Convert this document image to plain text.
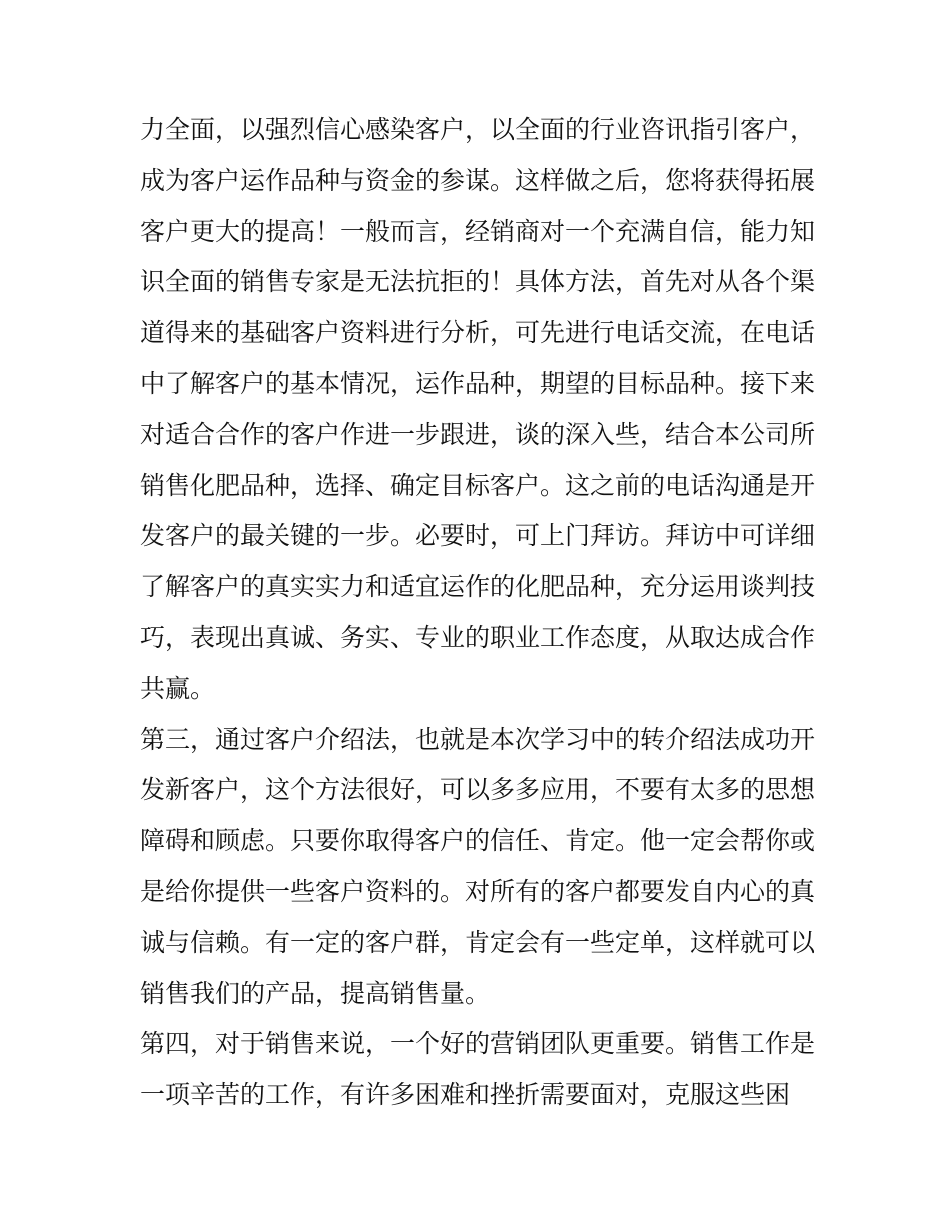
力全面，以强烈信心感染客户，以全面的行业咨讯指引客户，
成为客户运作品种与资金的参谋。这样做之后，您将获得拓展
客户更大的提高！一般而言，经销商对一个充满自信，能力知
识全面的销售专家是无法抗拒的！具体方法，首先对从各个渠
道得来的基础客户资料进行分析，可先进行电话交流，在电话
中了解客户的基本情况，运作品种，期望的目标品种。接下来
对适合合作的客户作进一步跟进，谈的深入些，结合本公司所
销售化肥品种，选择、确定目标客户。这之前的电话沟通是开
发客户的最关键的一步。必要时，可上门拜访。拜访中可详细
了解客户的真实实力和适宜运作的化肥品种，充分运用谈判技
巧，表现出真诚、务实、专业的职业工作态度，从取达成合作
共赢。
第三，通过客户介绍法，也就是本次学习中的转介绍法成功开
发新客户，这个方法很好，可以多多应用，不要有太多的思想
障碍和顾虑。只要你取得客户的信任、肯定。他一定会帮你或
是给你提供一些客户资料的。对所有的客户都要发自内心的真
诚与信赖。有一定的客户群，肯定会有一些定单，这样就可以
销售我们的产品，提高销售量。
第四，对于销售来说，一个好的营销团队更重要。销售工作是
一项辛苦的工作，有许多困难和挫折需要面对，克服这些困
